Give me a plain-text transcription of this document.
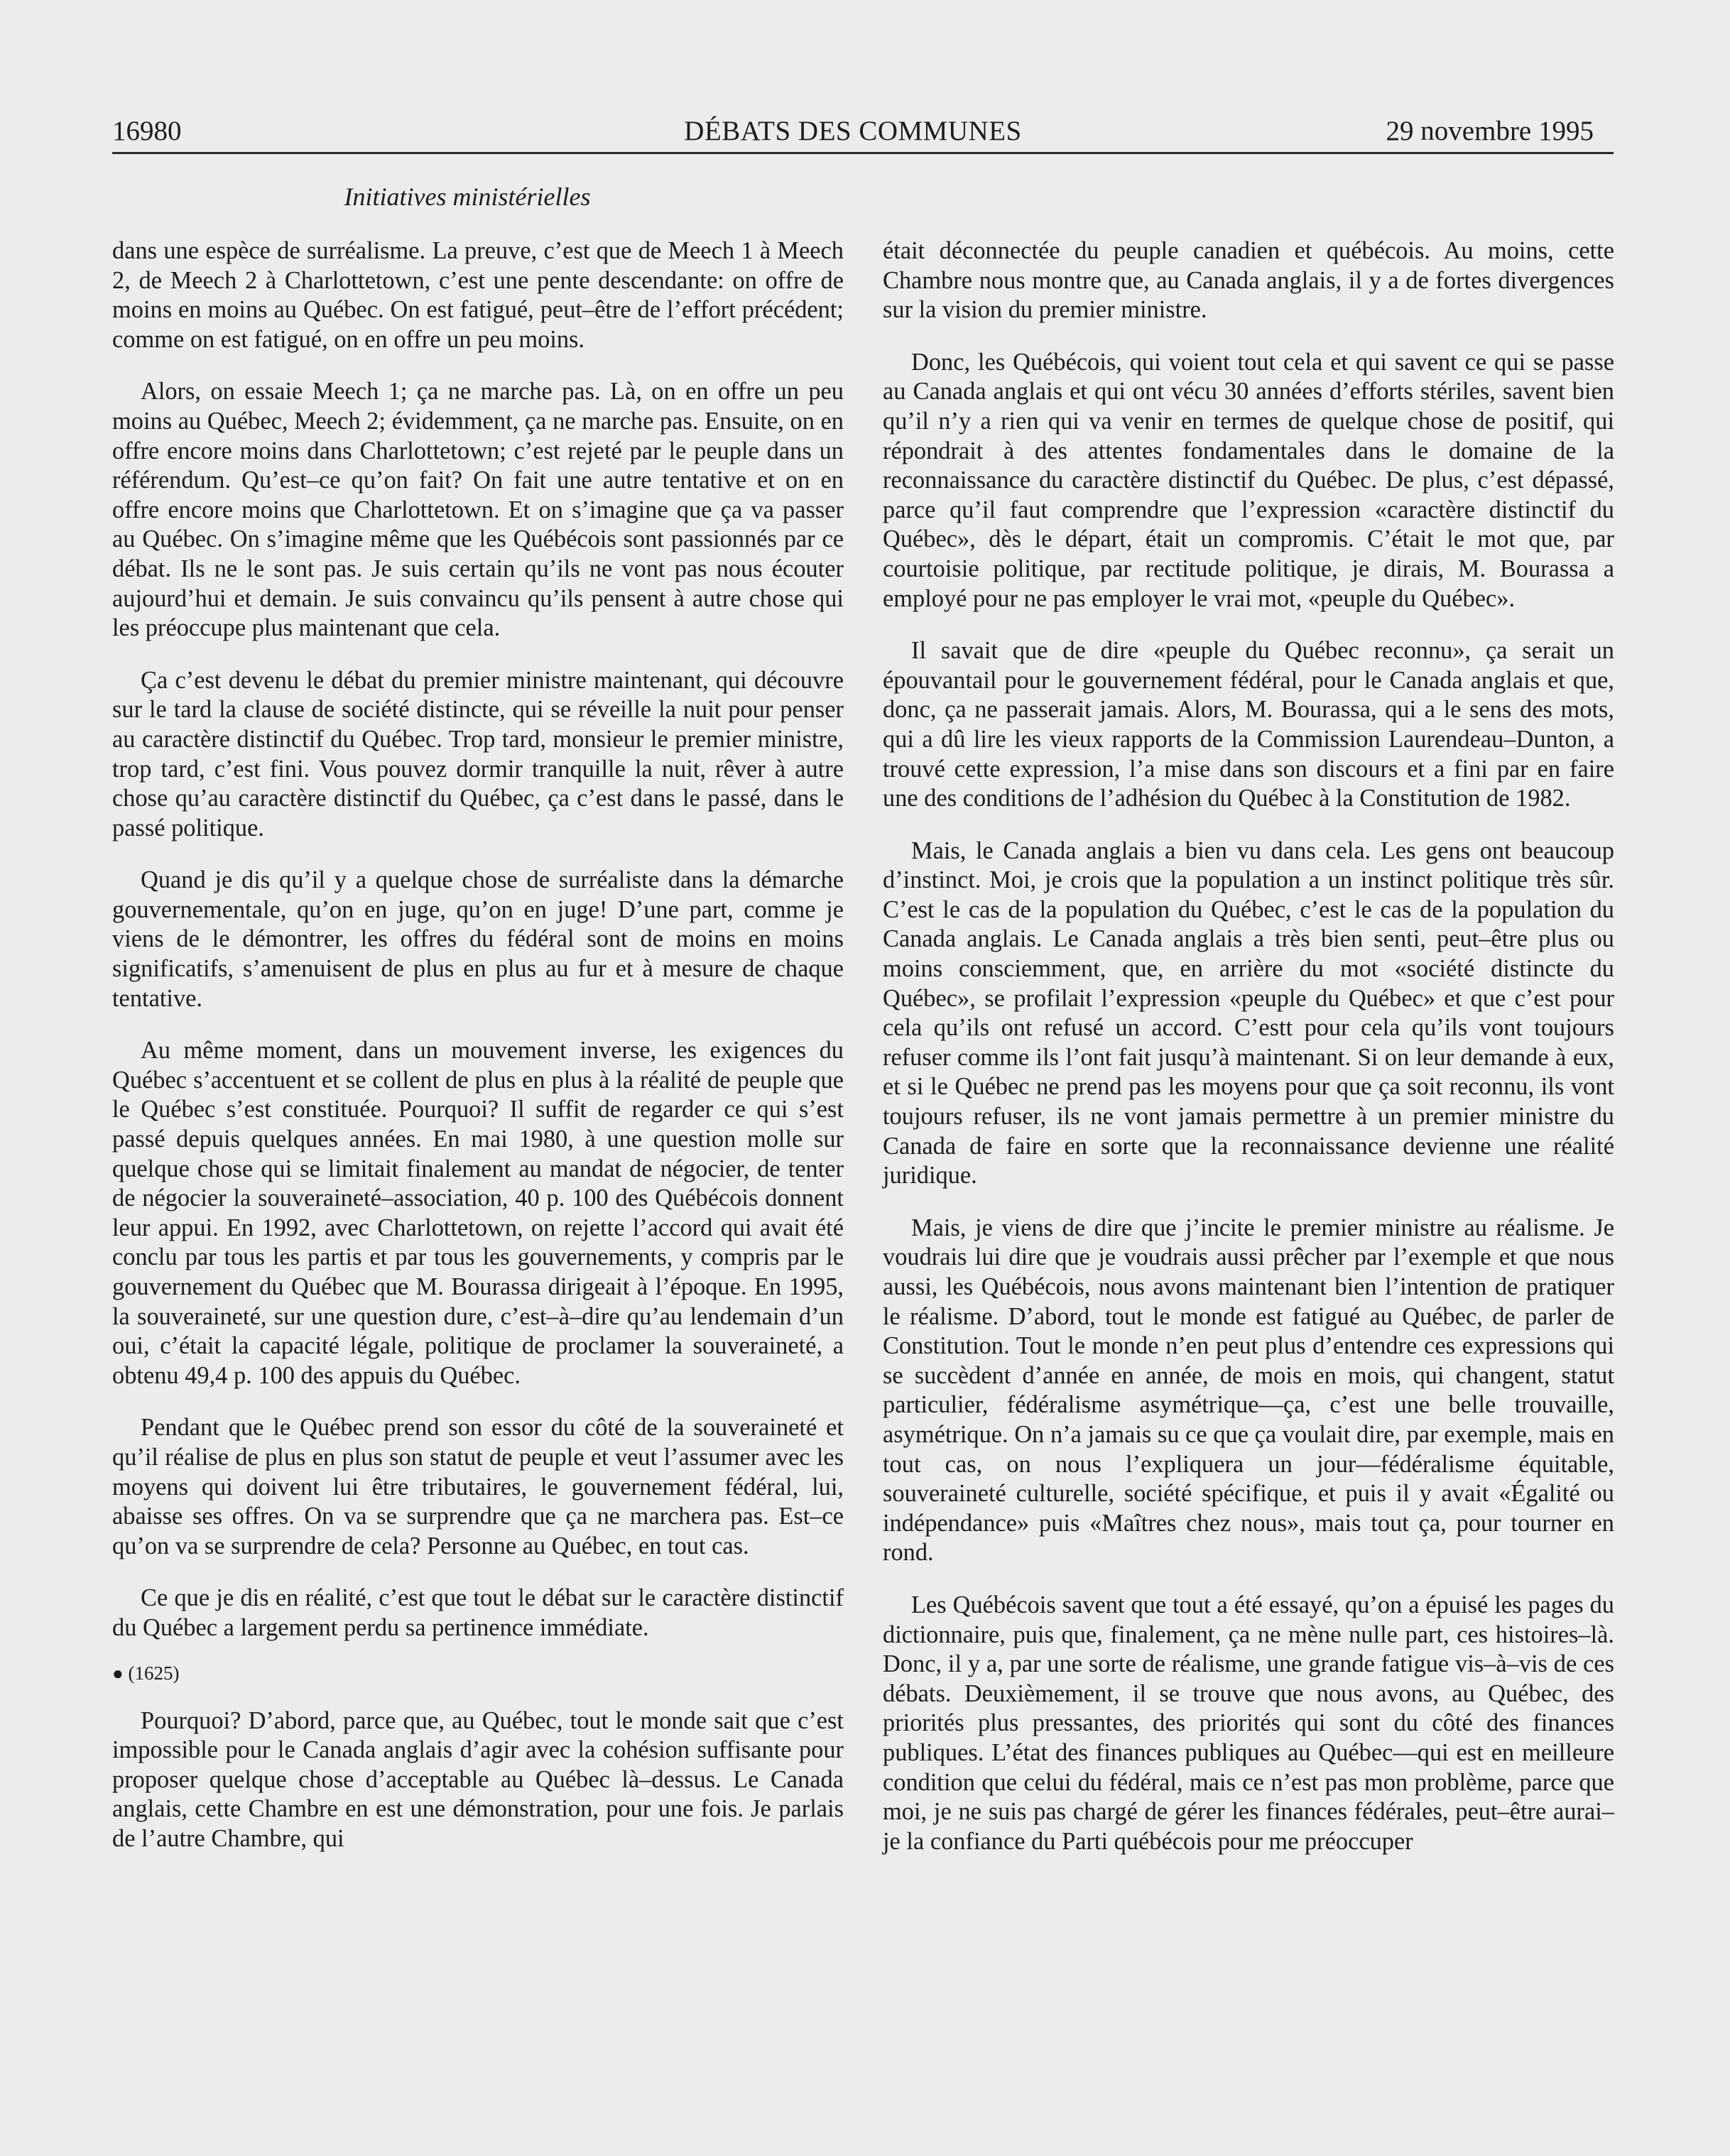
16980	DÉBATS DES COMMUNES	29 novembre 1995
Initiatives ministérielles

dans une espèce de surréalisme. La preuve, c’est que de Meech 1 à Meech 2, de Meech 2 à Charlottetown, c’est une pente descendante: on offre de moins en moins au Québec. On est fatigué, peut–être de l’effort précédent; comme on est fatigué, on en offre un peu moins.

Alors, on essaie Meech 1; ça ne marche pas. Là, on en offre un peu moins au Québec, Meech 2; évidemment, ça ne marche pas. Ensuite, on en offre encore moins dans Charlottetown; c’est rejeté par le peuple dans un référendum. Qu’est–ce qu’on fait? On fait une autre tentative et on en offre encore moins que Charlottetown. Et on s’imagine que ça va passer au Québec. On s’imagine même que les Québécois sont passionnés par ce débat. Ils ne le sont pas. Je suis certain qu’ils ne vont pas nous écouter aujourd’hui et demain. Je suis convaincu qu’ils pensent à autre chose qui les préoccupe plus maintenant que cela.

Ça c’est devenu le débat du premier ministre maintenant, qui découvre sur le tard la clause de société distincte, qui se réveille la nuit pour penser au caractère distinctif du Québec. Trop tard, monsieur le premier ministre, trop tard, c’est fini. Vous pouvez dormir tranquille la nuit, rêver à autre chose qu’au caractère distinctif du Québec, ça c’est dans le passé, dans le passé politique.

Quand je dis qu’il y a quelque chose de surréaliste dans la démarche gouvernementale, qu’on en juge, qu’on en juge! D’une part, comme je viens de le démontrer, les offres du fédéral sont de moins en moins significatifs, s’amenuisent de plus en plus au fur et à mesure de chaque tentative.

Au même moment, dans un mouvement inverse, les exigences du Québec s’accentuent et se collent de plus en plus à la réalité de peuple que le Québec s’est constituée. Pourquoi? Il suffit de regarder ce qui s’est passé depuis quelques années. En mai 1980, à une question molle sur quelque chose qui se limitait finalement au mandat de négocier, de tenter de négocier la souveraineté–association, 40 p. 100 des Québécois donnent leur appui. En 1992, avec Charlottetown, on rejette l’accord qui avait été conclu par tous les partis et par tous les gouvernements, y compris par le gouvernement du Québec que M. Bourassa dirigeait à l’époque. En 1995, la souveraineté, sur une question dure, c’est–à–dire qu’au lendemain d’un oui, c’était la capacité légale, politique de proclamer la souveraineté, a obtenu 49,4 p. 100 des appuis du Québec.

Pendant que le Québec prend son essor du côté de la souveraineté et qu’il réalise de plus en plus son statut de peuple et veut l’assumer avec les moyens qui doivent lui être tributaires, le gouvernement fédéral, lui, abaisse ses offres. On va se surprendre que ça ne marchera pas. Est–ce qu’on va se surprendre de cela? Personne au Québec, en tout cas.

Ce que je dis en réalité, c’est que tout le débat sur le caractère distinctif du Québec a largement perdu sa pertinence immédiate.

● (1625)

Pourquoi? D’abord, parce que, au Québec, tout le monde sait que c’est impossible pour le Canada anglais d’agir avec la cohésion suffisante pour proposer quelque chose d’acceptable au Québec là–dessus. Le Canada anglais, cette Chambre en est une démonstration, pour une fois. Je parlais de l’autre Chambre, qui

était déconnectée du peuple canadien et québécois. Au moins, cette Chambre nous montre que, au Canada anglais, il y a de fortes divergences sur la vision du premier ministre.

Donc, les Québécois, qui voient tout cela et qui savent ce qui se passe au Canada anglais et qui ont vécu 30 années d’efforts stériles, savent bien qu’il n’y a rien qui va venir en termes de quelque chose de positif, qui répondrait à des attentes fondamentales dans le domaine de la reconnaissance du caractère distinctif du Québec. De plus, c’est dépassé, parce qu’il faut comprendre que l’expression «caractère distinctif du Québec», dès le départ, était un compromis. C’était le mot que, par courtoisie politique, par rectitude politique, je dirais, M. Bourassa a employé pour ne pas employer le vrai mot, «peuple du Québec».

Il savait que de dire «peuple du Québec reconnu», ça serait un épouvantail pour le gouvernement fédéral, pour le Canada anglais et que, donc, ça ne passerait jamais. Alors, M. Bourassa, qui a le sens des mots, qui a dû lire les vieux rapports de la Commission Laurendeau–Dunton, a trouvé cette expression, l’a mise dans son discours et a fini par en faire une des conditions de l’adhésion du Québec à la Constitution de 1982.

Mais, le Canada anglais a bien vu dans cela. Les gens ont beaucoup d’instinct. Moi, je crois que la population a un instinct politique très sûr. C’est le cas de la population du Québec, c’est le cas de la population du Canada anglais. Le Canada anglais a très bien senti, peut–être plus ou moins consciemment, que, en arrière du mot «société distincte du Québec», se profilait l’expression «peuple du Québec» et que c’est pour cela qu’ils ont refusé un accord. C’estt pour cela qu’ils vont toujours refuser comme ils l’ont fait jusqu’à maintenant. Si on leur demande à eux, et si le Québec ne prend pas les moyens pour que ça soit reconnu, ils vont toujours refuser, ils ne vont jamais permettre à un premier ministre du Canada de faire en sorte que la reconnaissance devienne une réalité juridique.

Mais, je viens de dire que j’incite le premier ministre au réalisme. Je voudrais lui dire que je voudrais aussi prêcher par l’exemple et que nous aussi, les Québécois, nous avons maintenant bien l’intention de pratiquer le réalisme. D’abord, tout le monde est fatigué au Québec, de parler de Constitution. Tout le monde n’en peut plus d’entendre ces expressions qui se succèdent d’année en année, de mois en mois, qui changent, statut particulier, fédéralisme asymétrique—ça, c’est une belle trouvaille, asymétrique. On n’a jamais su ce que ça voulait dire, par exemple, mais en tout cas, on nous l’expliquera un jour—fédéralisme équitable, souveraineté culturelle, société spécifique, et puis il y avait «Égalité ou indépendance» puis «Maîtres chez nous», mais tout ça, pour tourner en rond.

Les Québécois savent que tout a été essayé, qu’on a épuisé les pages du dictionnaire, puis que, finalement, ça ne mène nulle part, ces histoires–là. Donc, il y a, par une sorte de réalisme, une grande fatigue vis–à–vis de ces débats. Deuxièmement, il se trouve que nous avons, au Québec, des priorités plus pressantes, des priorités qui sont du côté des finances publiques. L’état des finances publiques au Québec—qui est en meilleure condition que celui du fédéral, mais ce n’est pas mon problème, parce que moi, je ne suis pas chargé de gérer les finances fédérales, peut–être aurai–je la confiance du Parti québécois pour me préoccuper
